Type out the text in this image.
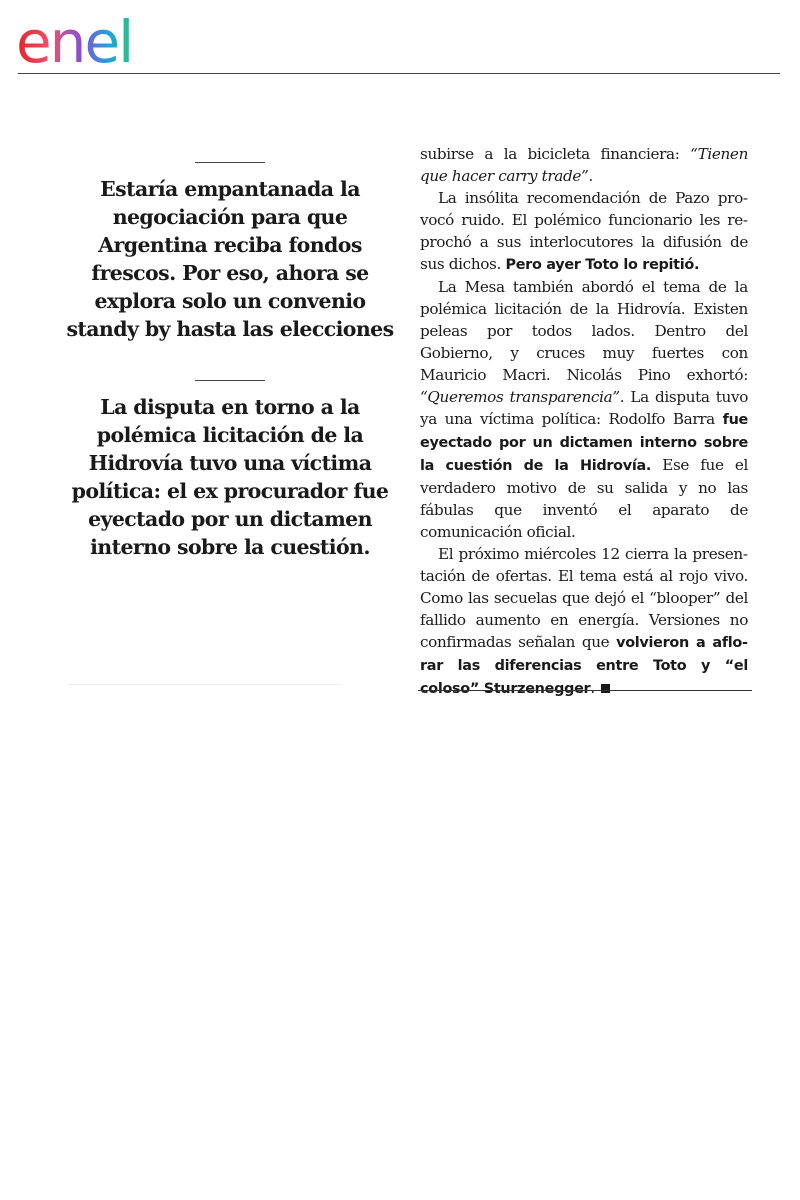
enel

Estaría empantanada la negociación para que Argentina reciba fondos frescos. Por eso, ahora se explora solo un convenio standy by hasta las elecciones

La disputa en torno a la polémica licitación de la Hidrovía tuvo una víctima política: el ex procurador fue eyectado por un dictamen interno sobre la cuestión.

subirse a la bicicleta financiera: “Tienen que hacer carry trade”.

La insólita recomendación de Pazo provocó ruido. El polémico funcionario les reprochó a sus interlocutores la difusión de sus dichos. Pero ayer Toto lo repitió.

La Mesa también abordó el tema de la polémica licitación de la Hidrovía. Existen peleas por todos lados. Dentro del Gobierno, y cruces muy fuertes con Mauricio Macri. Nicolás Pino exhortó: “Queremos transparencia”. La disputa tuvo ya una víctima política: Rodolfo Barra fue eyectado por un dictamen interno sobre la cuestión de la Hidrovía. Ese fue el verdadero motivo de su salida y no las fábulas que inventó el aparato de comunicación oficial.

El próximo miércoles 12 cierra la presentación de ofertas. El tema está al rojo vivo. Como las secuelas que dejó el “blooper” del fallido aumento en energía. Versiones no confirmadas señalan que volvieron a aflorar las diferencias entre Toto y “el coloso” Sturzenegger.
